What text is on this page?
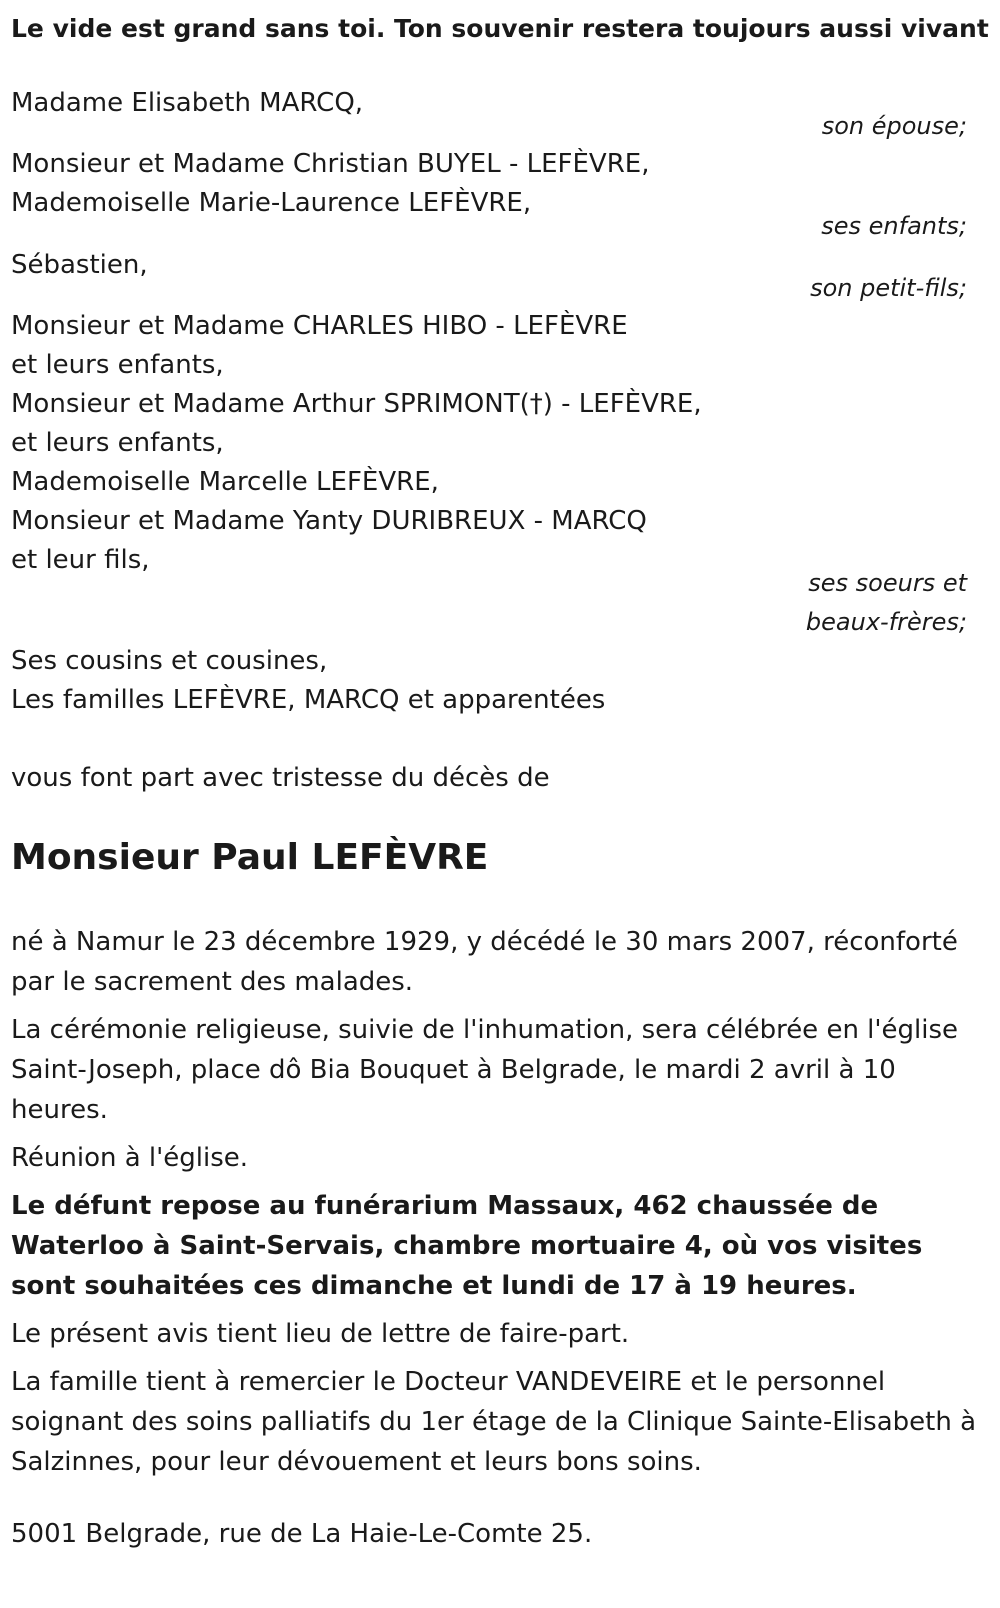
Le vide est grand sans toi. Ton souvenir restera toujours aussi vivant
Madame Elisabeth MARCQ,
son épouse;
Monsieur et Madame Christian BUYEL - LEFÈVRE,
Mademoiselle Marie-Laurence LEFÈVRE,
ses enfants;
Sébastien,
son petit-fils;
Monsieur et Madame CHARLES HIBO - LEFÈVRE
et leurs enfants,
Monsieur et Madame Arthur SPRIMONT(†) - LEFÈVRE,
et leurs enfants,
Mademoiselle Marcelle LEFÈVRE,
Monsieur et Madame Yanty DURIBREUX - MARCQ
et leur fils,
ses soeurs et
beaux-frères;
Ses cousins et cousines,
Les familles LEFÈVRE, MARCQ et apparentées
vous font part avec tristesse du décès de
Monsieur Paul LEFÈVRE

né à Namur le 23 décembre 1929, y décédé le 30 mars 2007, réconforté par le sacrement des malades.

La cérémonie religieuse, suivie de l'inhumation, sera célébrée en l'église Saint-Joseph, place dô Bia Bouquet à Belgrade, le mardi 2 avril à 10 heures.

Réunion à l'église.

Le défunt repose au funérarium Massaux, 462 chaussée de Waterloo à Saint-Servais, chambre mortuaire 4, où vos visites sont souhaitées ces dimanche et lundi de 17 à 19 heures.

Le présent avis tient lieu de lettre de faire-part.

La famille tient à remercier le Docteur VANDEVEIRE et le personnel soignant des soins palliatifs du 1er étage de la Clinique Sainte-Elisabeth à Salzinnes, pour leur dévouement et leurs bons soins.

5001 Belgrade, rue de La Haie-Le-Comte 25.
